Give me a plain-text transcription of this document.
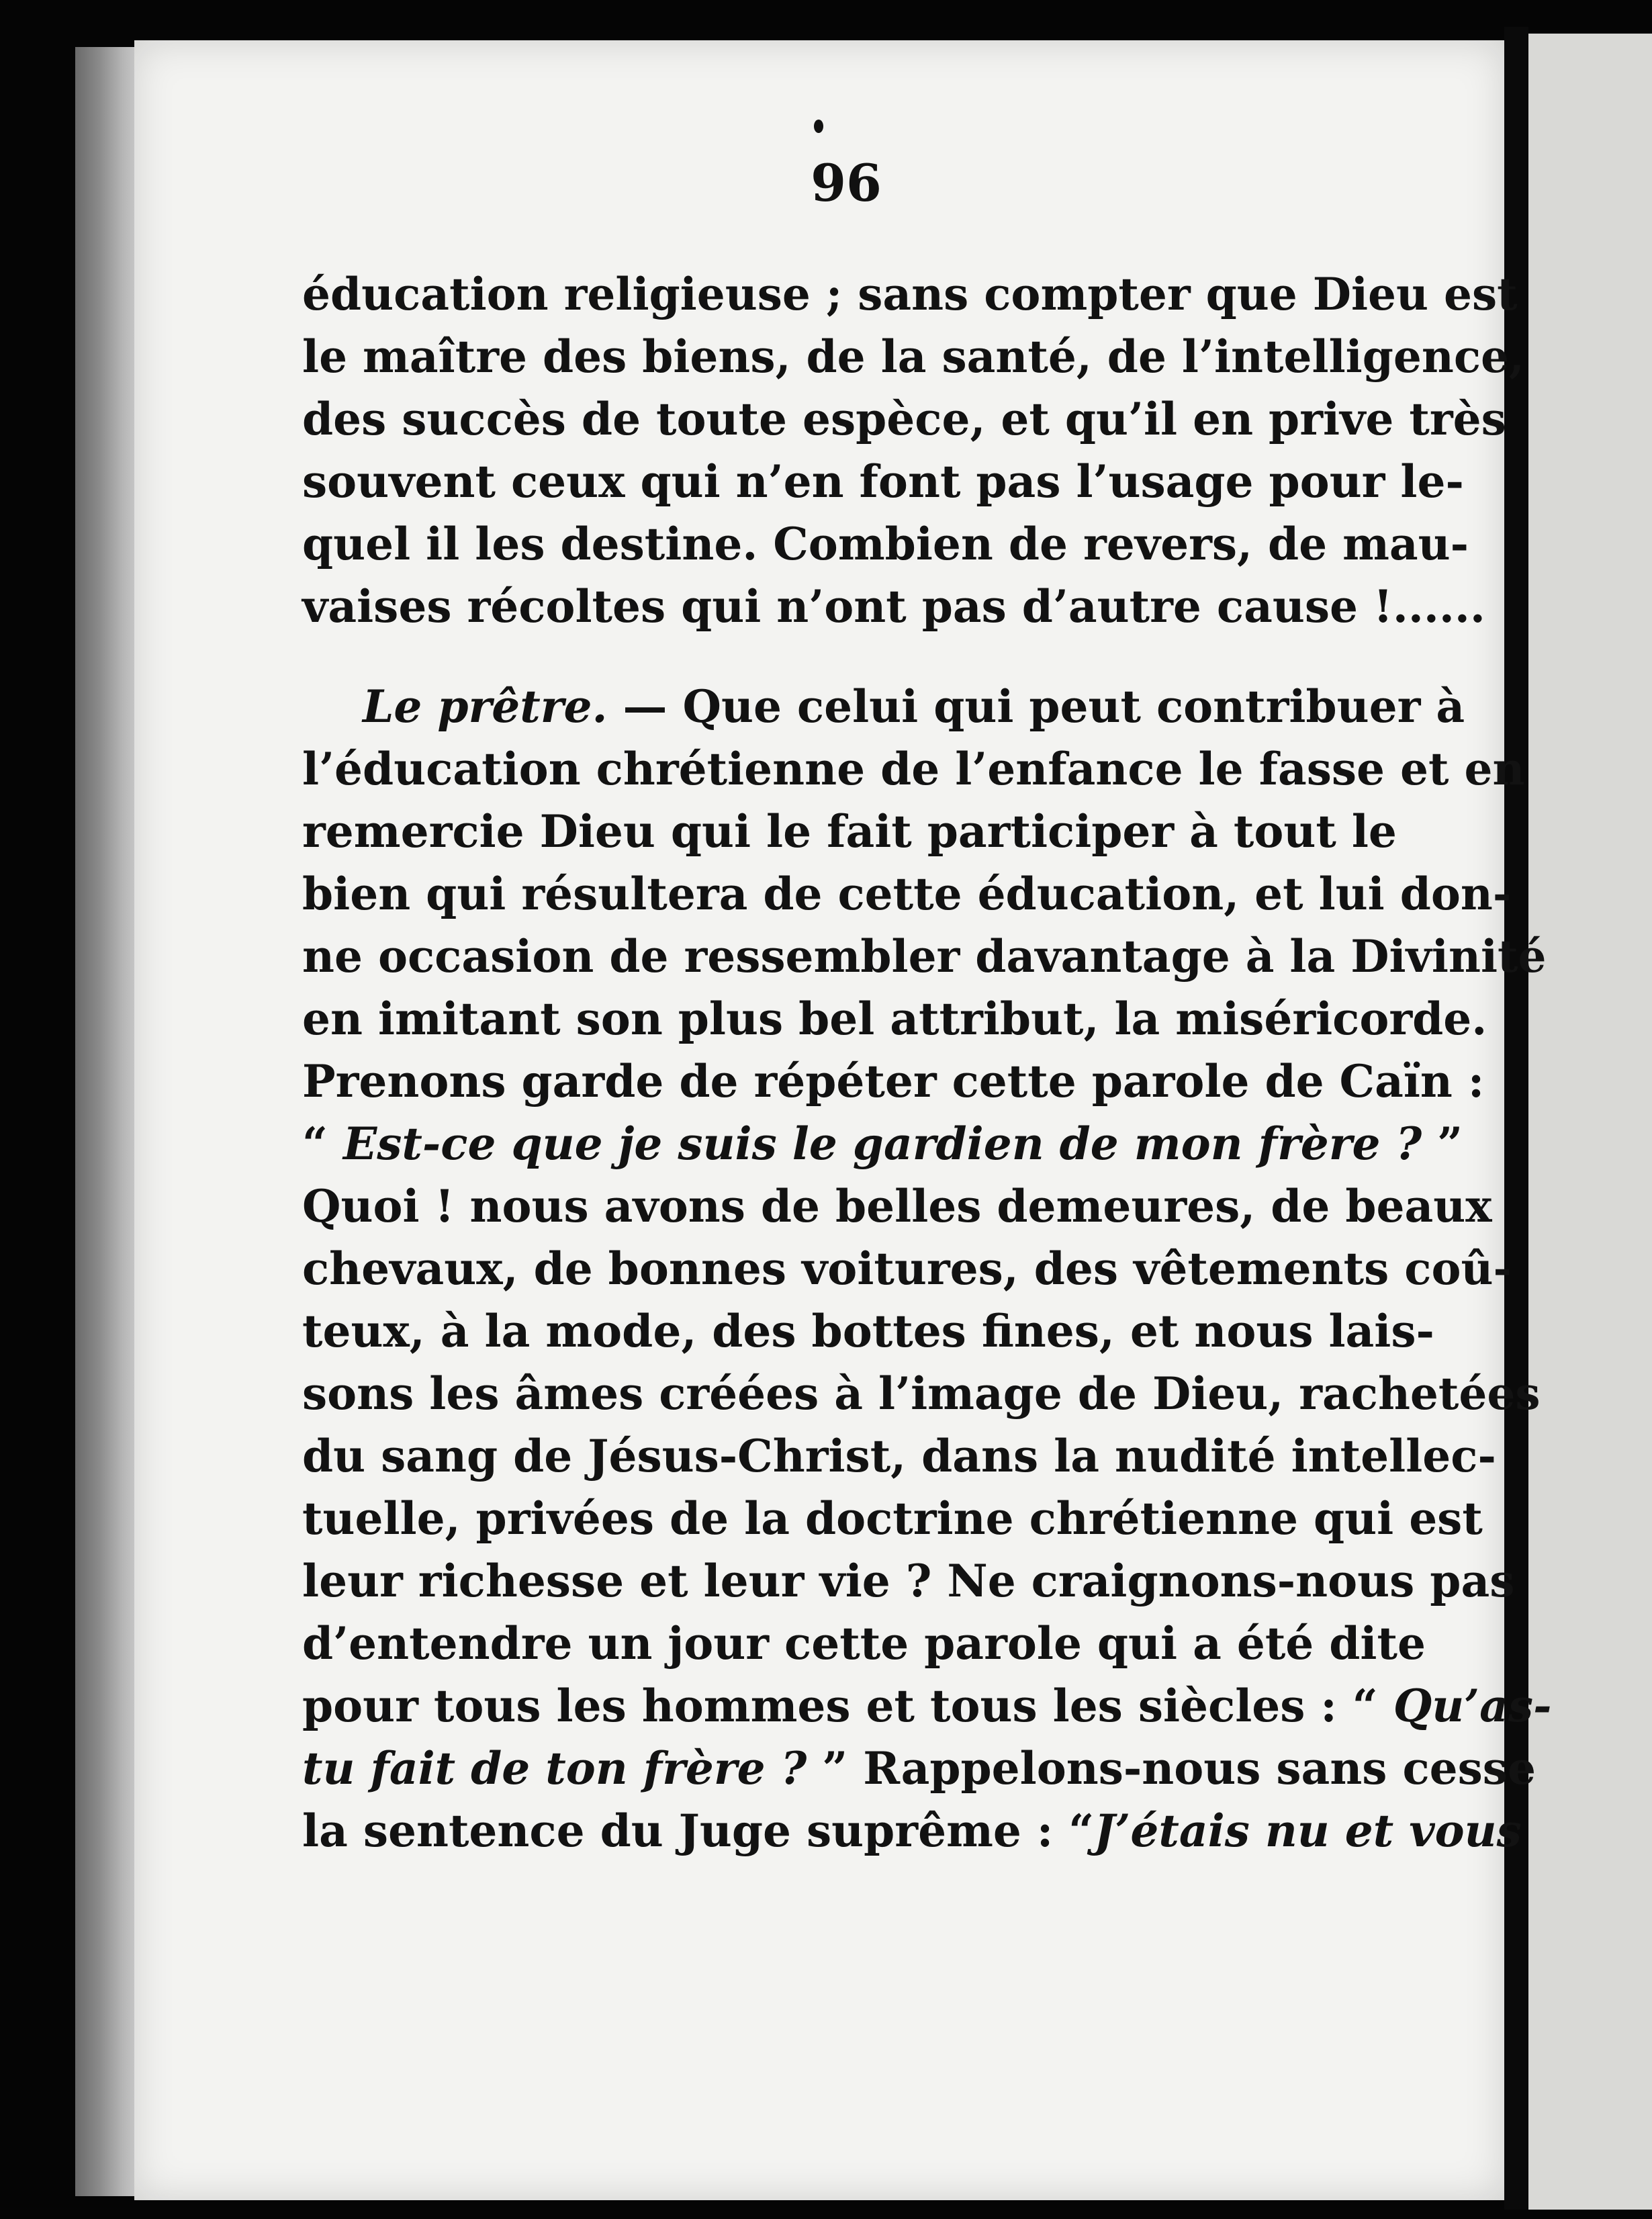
96
éducation religieuse ; sans compter que Dieu est
le maître des biens, de la santé, de l’intelligence,
des succès de toute espèce, et qu’il en prive très
souvent ceux qui n’en font pas l’usage pour le-
quel il les destine. Combien de revers, de mau-
vaises récoltes qui n’ont pas d’autre cause !......
Le prêtre. — Que celui qui peut contribuer à
l’éducation chrétienne de l’enfance le fasse et en
remercie Dieu qui le fait participer à tout le
bien qui résultera de cette éducation, et lui don-
ne occasion de ressembler davantage à la Divinité
en imitant son plus bel attribut, la miséricorde.
Prenons garde de répéter cette parole de Caïn :
“ Est-ce que je suis le gardien de mon frère ? ”
Quoi ! nous avons de belles demeures, de beaux
chevaux, de bonnes voitures, des vêtements coû-
teux, à la mode, des bottes fines, et nous lais-
sons les âmes créées à l’image de Dieu, rachetées
du sang de Jésus-Christ, dans la nudité intellec-
tuelle, privées de la doctrine chrétienne qui est
leur richesse et leur vie ? Ne craignons-nous pas
d’entendre un jour cette parole qui a été dite
pour tous les hommes et tous les siècles : “ Qu’as-
tu fait de ton frère ? ” Rappelons-nous sans cesse
la sentence du Juge suprême : “J’étais nu et vous
